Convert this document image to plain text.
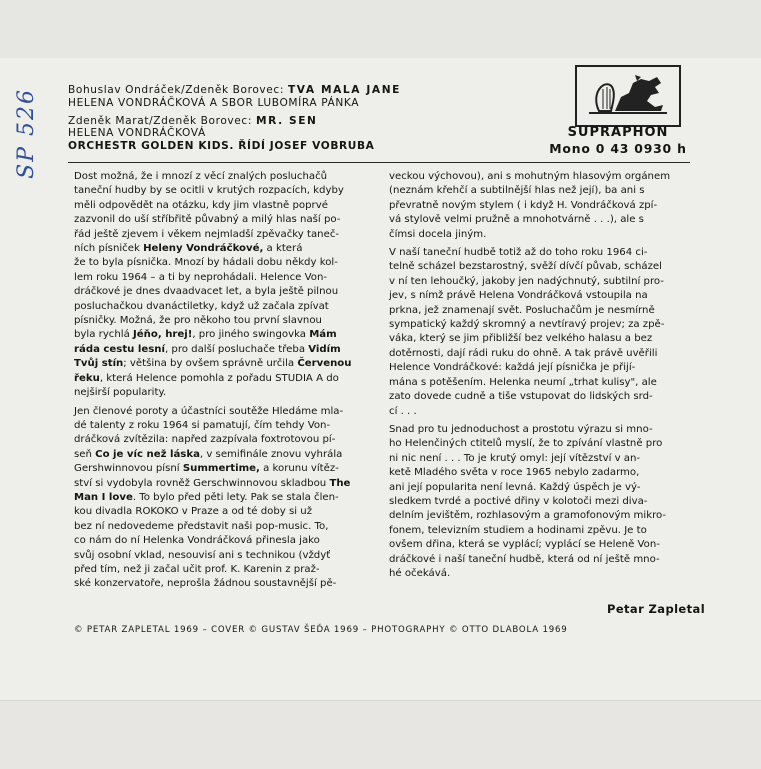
SP 526	Bohuslav Ondráček/Zdeněk Borovec: TVA MALA JANE
HELENA VONDRÁČKOVÁ A SBOR LUBOMÍRA PÁNKA
Zdeněk Marat/Zdeněk Borovec: MR. SEN
HELENA VONDRÁČKOVÁ
ORCHESTR GOLDEN KIDS. ŘÍDÍ JOSEF VOBRUBA
SUPRAPHON
Mono 0 43 0930 h
Dost možná, že i mnozí z věcí znalých posluchačů
taneční hudby by se ocitli v krutých rozpacích, kdyby
měli odpovědět na otázku, kdy jim vlastně poprvé
zazvonil do uší stříbřitě půvabný a milý hlas naší po-
řád ještě zjevem i věkem nejmladší zpěvačky taneč-
ních písniček Heleny Vondráčkové, a která
že to byla písnička. Mnozí by hádali dobu někdy kol-
lem roku 1964 – a ti by neprohádali. Helence Von-
dráčkové je dnes dvaadvacet let, a byla ještě pilnou
posluchačkou dvanáctiletky, když už začala zpívat
písničky. Možná, že pro někoho tou první slavnou
byla rychlá Jéňo, hrej!, pro jiného swingovka Mám
ráda cestu lesní, pro další posluchače třeba Vidím
Tvůj stín; většina by ovšem správně určila Červenou
řeku, která Helence pomohla z pořadu STUDIA A do
nejširší popularity.
Jen členové poroty a účastníci soutěže Hledáme mla-
dé talenty z roku 1964 si pamatují, čím tehdy Von-
dráčková zvítězila: napřed zazpívala foxtrotovou pí-
seň Co je víc než láska, v semifinále znovu vyhrála
Gershwinnovou písní Summertime, a korunu vítěz-
ství si vydobyla rovněž Gerschwinnovou skladbou The
Man I love. To bylo před pěti lety. Pak se stala člen-
kou divadla ROKOKO v Praze a od té doby si už
bez ní nedovedeme představit naši pop-music. To,
co nám do ní Helenka Vondráčková přinesla jako
svůj osobní vklad, nesouvisí ani s technikou (vždyť
před tím, než ji začal učit prof. K. Karenin z praž-
ské konzervatoře, neprošla žádnou soustavnější pě-
veckou výchovou), ani s mohutným hlasovým orgánem
(neznám křehčí a subtilnější hlas než její), ba ani s
převratně novým stylem ( i když H. Vondráčková zpí-
vá stylově velmi pružně a mnohotvárně . . .), ale s
čímsi docela jiným.
V naší taneční hudbě totiž až do toho roku 1964 ci-
telně scházel bezstarostný, svěží dívčí půvab, scházel
v ní ten lehoučký, jakoby jen nadýchnutý, subtilní pro-
jev, s nímž právě Helena Vondráčková vstoupila na
prkna, jež znamenají svět. Posluchačům je nesmírně
sympatický každý skromný a nevtíravý projev; za zpě-
váka, který se jim přibližší bez velkého halasu a bez
dotěrnosti, dají rádi ruku do ohně. A tak právě uvěřili
Helence Vondráčkové: každá její písnička je přijí-
mána s potěšením. Helenka neumí „trhat kulisy", ale
zato dovede cudně a tiše vstupovat do lidských srd-
cí . . .
Snad pro tu jednoduchost a prostotu výrazu si mno-
ho Helenčiných ctitelů myslí, že to zpívání vlastně pro
ni nic není . . . To je krutý omyl: její vítězství v an-
ketě Mladého světa v roce 1965 nebylo zadarmo,
ani její popularita není levná. Každý úspěch je vý-
sledkem tvrdé a poctivé dřiny v kolotoči mezi diva-
delním jevištěm, rozhlasovým a gramofonovým mikro-
fonem, televizním studiem a hodinami zpěvu. Je to
ovšem dřina, která se vyplácí; vyplácí se Heleně Von-
dráčkové i naší taneční hudbě, která od ní ještě mno-
hé očekává.
Petar Zapletal
© PETAR ZAPLETAL 1969 – COVER © GUSTAV ŠEĎA 1969 – PHOTOGRAPHY © OTTO DLABOLA 1969
